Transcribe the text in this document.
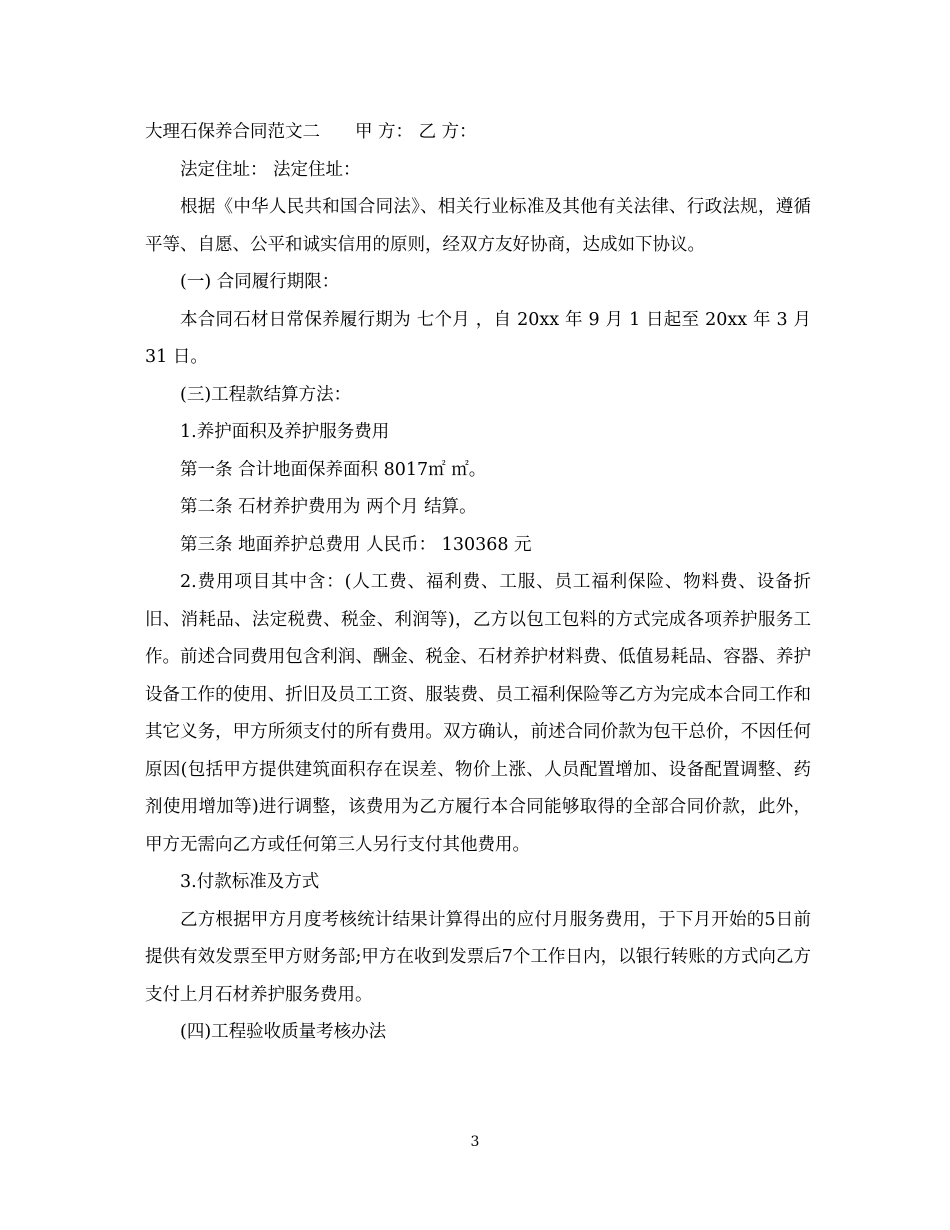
大理石保养合同范文二　　甲 方： 乙 方：

法定住址： 法定住址：

根据《中华人民共和国合同法》、相关行业标准及其他有关法律、行政法规，遵循平等、自愿、公平和诚实信用的原则，经双方友好协商，达成如下协议。

(一) 合同履行期限：

本合同石材日常保养履行期为 七个月 ，自 20xx 年 9 月 1 日起至 20xx 年 3 月 31 日。

(三)工程款结算方法：

1.养护面积及养护服务费用

第一条 合计地面保养面积 8017㎡ ㎡。

第二条 石材养护费用为 两个月 结算。

第三条 地面养护总费用 人民币： 130368 元

2.费用项目其中含：(人工费、福利费、工服、员工福利保险、物料费、设备折旧、消耗品、法定税费、税金、利润等)，乙方以包工包料的方式完成各项养护服务工作。前述合同费用包含利润、酬金、税金、石材养护材料费、低值易耗品、容器、养护设备工作的使用、折旧及员工工资、服装费、员工福利保险等乙方为完成本合同工作和其它义务，甲方所须支付的所有费用。双方确认，前述合同价款为包干总价，不因任何原因(包括甲方提供建筑面积存在误差、物价上涨、人员配置增加、设备配置调整、药剂使用增加等)进行调整，该费用为乙方履行本合同能够取得的全部合同价款，此外，甲方无需向乙方或任何第三人另行支付其他费用。

3.付款标准及方式

乙方根据甲方月度考核统计结果计算得出的应付月服务费用，于下月开始的5日前提供有效发票至甲方财务部;甲方在收到发票后7个工作日内，以银行转账的方式向乙方支付上月石材养护服务费用。

(四)工程验收质量考核办法

3
